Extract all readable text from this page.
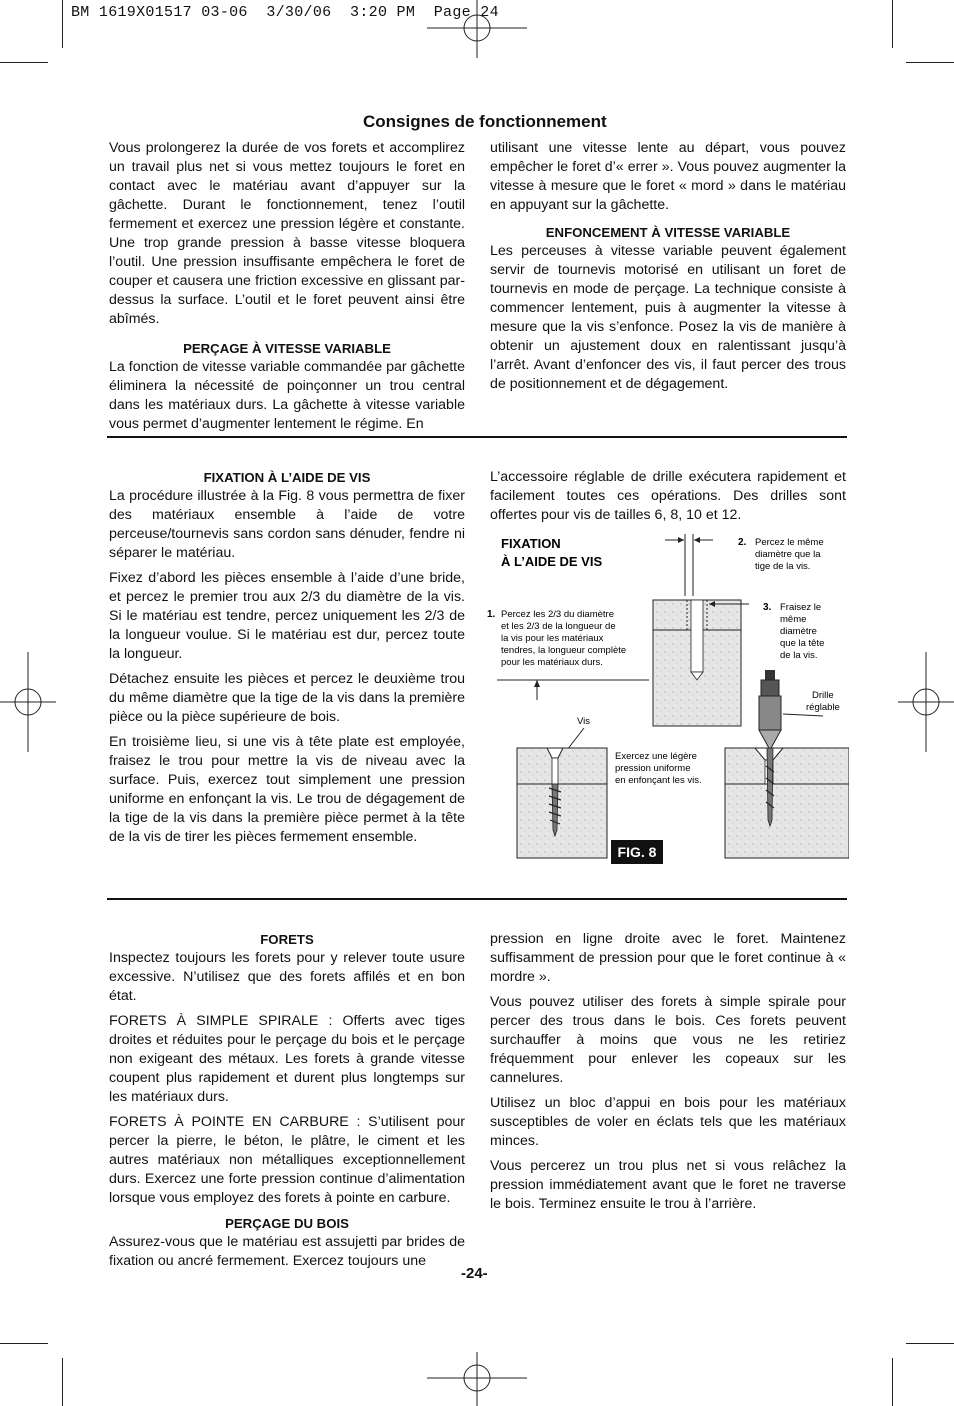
BM 1619X01517 03-06  3/30/06  3:20 PM  Page 24
Consignes de fonctionnement

Vous prolongerez la durée de vos forets et accomplirez un travail plus net si vous mettez toujours le foret en contact avec le matériau avant d’appuyer sur la gâchette. Durant le fonctionnement, tenez l’outil fermement et exercez une pression légère et constante. Une trop grande pression à basse vitesse bloquera l’outil. Une pression insuffisante empêchera le foret de couper et causera une friction excessive en glissant par-dessus la surface. L’outil et le foret peuvent ainsi être abîmés.

PERÇAGE À VITESSE VARIABLE

La fonction de vitesse variable commandée par gâchette éliminera la nécessité de poinçonner un trou central dans les matériaux durs. La gâchette à vitesse variable vous permet d’augmenter lentement le régime. En

utilisant une vitesse lente au départ, vous pouvez empêcher le foret d’« errer ». Vous pouvez augmenter la vitesse à mesure que le foret « mord » dans le matériau en appuyant sur la gâchette.

ENFONCEMENT À VITESSE VARIABLE

Les perceuses à vitesse variable peuvent également servir de tournevis motorisé en utilisant un foret de tournevis en mode de perçage. La technique consiste à commencer lentement, puis à augmenter la vitesse à mesure que la vis s’enfonce. Posez la vis de manière à obtenir un ajustement doux en ralentissant jusqu’à l’arrêt. Avant d’enfoncer des vis, il faut percer des trous de positionnement et de dégagement.

FIXATION À L’AIDE DE VIS

La procédure illustrée à la Fig. 8 vous permettra de fixer des matériaux ensemble à l’aide de votre perceuse/tournevis sans cordon sans dénuder, fendre ni séparer le matériau.

Fixez d’abord les pièces ensemble à l’aide d’une bride, et percez le premier trou aux 2/3 du diamètre de la vis. Si le matériau est tendre, percez uniquement les 2/3 de la longueur voulue. Si le matériau est dur, percez toute la longueur.

Détachez ensuite les pièces et percez le deuxième trou du même diamètre que la tige de la vis dans la première pièce ou la pièce supérieure de bois.

En troisième lieu, si une vis à tête plate est employée, fraisez le trou pour mettre la vis de niveau avec la surface. Puis, exercez tout simplement une pression uniforme en enfonçant la vis. Le trou de dégagement de la tige de la vis dans la première pièce permet à la tête de la vis de tirer les pièces fermement ensemble.

L’accessoire réglable de drille exécutera rapidement et facilement toutes ces opérations. Des drilles sont offertes pour vis de tailles 6, 8, 10 et 12.

FIXATION
À L’AIDE DE VIS
2. Percez le même
diamètre que la
tige de la vis.
1. Percez les 2/3 du diamètre
et les 2/3 de la longueur de
la vis pour les matériaux
tendres, la longueur complète
pour les matériaux durs.
3. Fraisez le
même
diamètre
que la tête
de la vis.
Drille
réglable
Vis
Exercez une légère
pression uniforme
en enfonçant les vis.
FIG. 8
FORETS

Inspectez toujours les forets pour y relever toute usure excessive. N’utilisez que des forets affilés et en bon état.

FORETS À SIMPLE SPIRALE : Offerts avec tiges droites et réduites pour le perçage du bois et le perçage non exigeant des métaux. Les forets à grande vitesse coupent plus rapidement et durent plus longtemps sur les matériaux durs.

FORETS À POINTE EN CARBURE : S’utilisent pour percer la pierre, le béton, le plâtre, le ciment et les autres matériaux non métalliques exceptionnellement durs. Exercez une forte pression continue d’alimentation lorsque vous employez des forets à pointe en carbure.

PERÇAGE DU BOIS

Assurez-vous que le matériau est assujetti par brides de fixation ou ancré fermement. Exercez toujours une

pression en ligne droite avec le foret. Maintenez suffisamment de pression pour que le foret continue à « mordre ».

Vous pouvez utiliser des forets à simple spirale pour percer des trous dans le bois. Ces forets peuvent surchauffer à moins que vous ne les retiriez fréquemment pour enlever les copeaux sur les cannelures.

Utilisez un bloc d’appui en bois pour les matériaux susceptibles de voler en éclats tels que les matériaux minces.

Vous percerez un trou plus net si vous relâchez la pression immédiatement avant que le foret ne traverse le bois. Terminez ensuite le trou à l’arrière.

-24-
